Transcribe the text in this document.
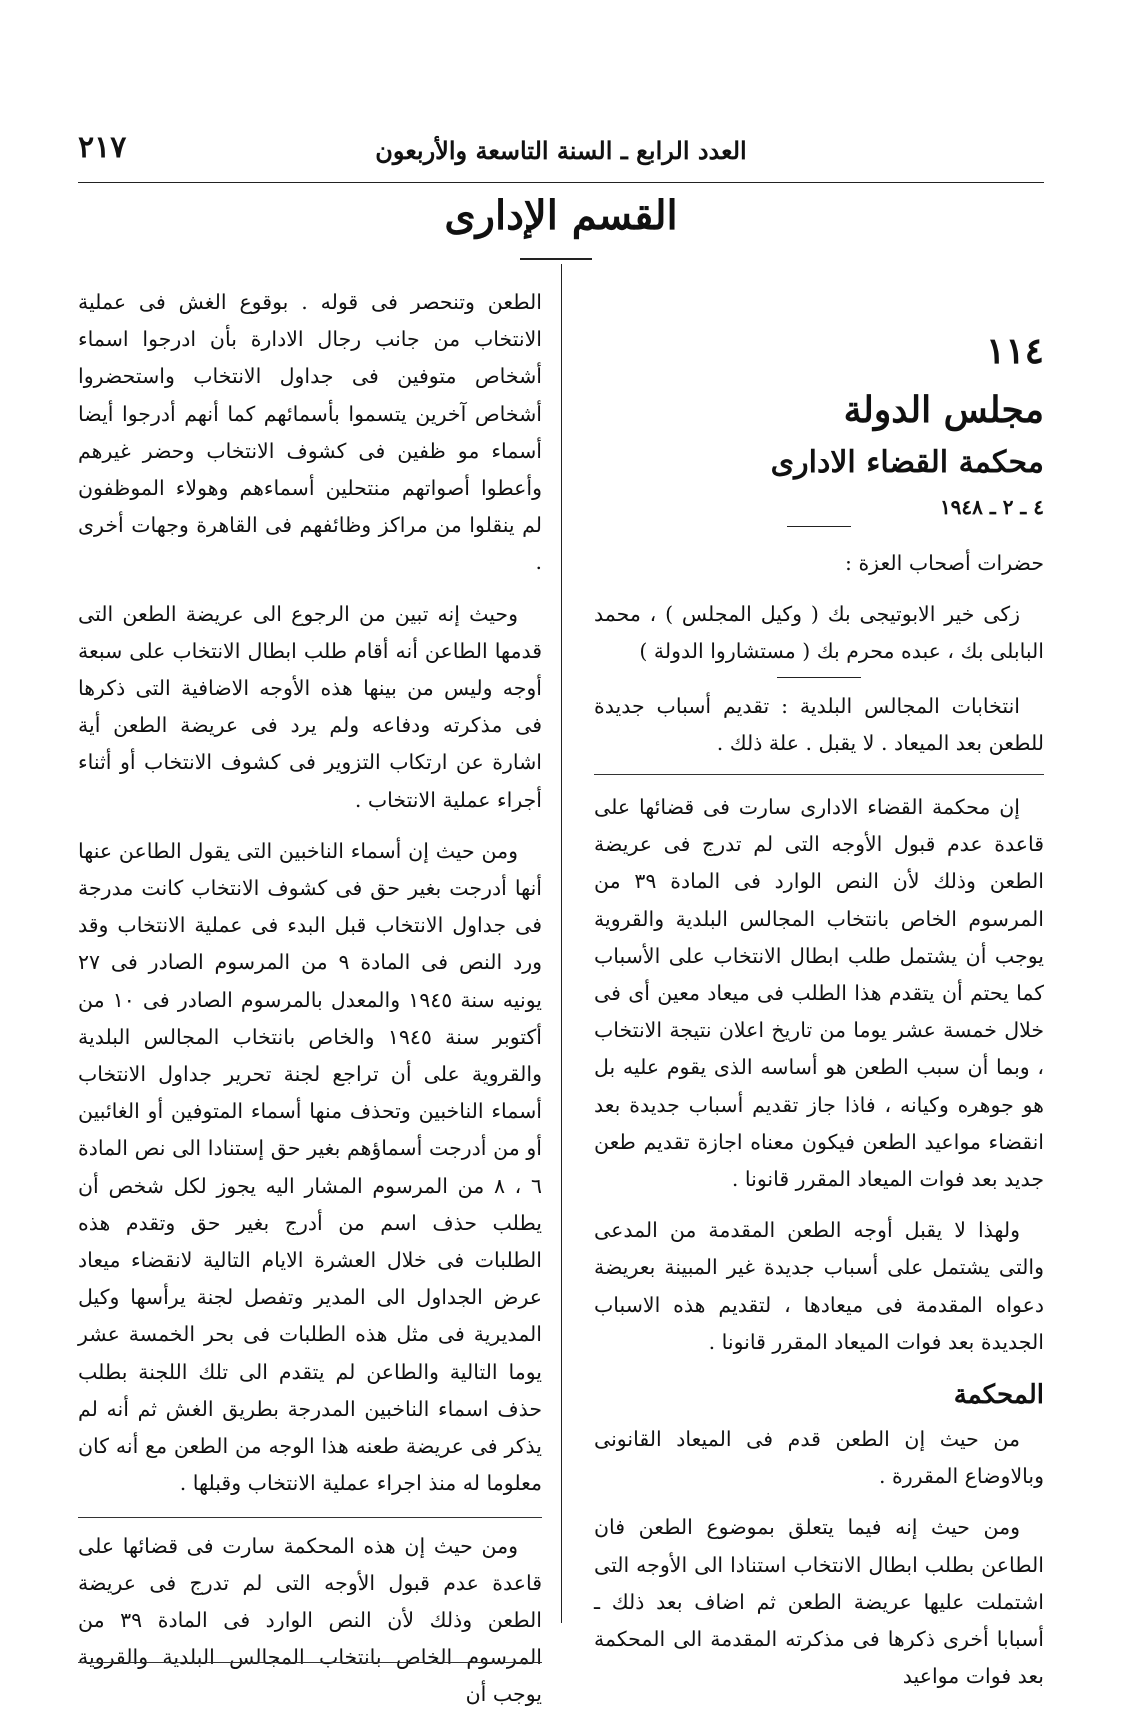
٢١٧	العدد الرابع ـ السنة التاسعة والأربعون
القسم الإدارى
١١٤
مجلس الدولة
محكمة القضاء الادارى
٤ ـ ٢ ـ ١٩٤٨

حضرات أصحاب العزة :

زكى خير الابوتيجى بك ( وكيل المجلس ) ، محمد البابلى بك ، عبده محرم بك ( مستشاروا الدولة )

انتخابات المجالس البلدية : تقديم أسباب جديدة للطعن بعد الميعاد . لا يقبل . علة ذلك .

إن محكمة القضاء الادارى سارت فى قضائها على قاعدة عدم قبول الأوجه التى لم تدرج فى عريضة الطعن وذلك لأن النص الوارد فى المادة ٣٩ من المرسوم الخاص بانتخاب المجالس البلدية والقروية يوجب أن يشتمل طلب ابطال الانتخاب على الأسباب كما يحتم أن يتقدم هذا الطلب فى ميعاد معين أى فى خلال خمسة عشر يوما من تاريخ اعلان نتيجة الانتخاب ، وبما أن سبب الطعن هو أساسه الذى يقوم عليه بل هو جوهره وكيانه ، فاذا جاز تقديم أسباب جديدة بعد انقضاء مواعيد الطعن فيكون معناه اجازة تقديم طعن جديد بعد فوات الميعاد المقرر قانونا .

ولهذا لا يقبل أوجه الطعن المقدمة من المدعى والتى يشتمل على أسباب جديدة غير المبينة بعريضة دعواه المقدمة فى ميعادها ، لتقديم هذه الاسباب الجديدة بعد فوات الميعاد المقرر قانونا .

المحكمة

من حيث إن الطعن قدم فى الميعاد القانونى وبالاوضاع المقررة .

ومن حيث إنه فيما يتعلق بموضوع الطعن فان الطاعن بطلب ابطال الانتخاب استنادا الى الأوجه التى اشتملت عليها عريضة الطعن ثم اضاف بعد ذلك ـ أسبابا أخرى ذكرها فى مذكرته المقدمة الى المحكمة بعد فوات مواعيد

الطعن وتنحصر فى قوله . بوقوع الغش فى عملية الانتخاب من جانب رجال الادارة بأن ادرجوا اسماء أشخاص متوفين فى جداول الانتخاب واستحضروا أشخاص آخرين يتسموا بأسمائهم كما أنهم أدرجوا أيضا أسماء مو ظفين فى كشوف الانتخاب وحضر غيرهم وأعطوا أصواتهم منتحلين أسماءهم وهولاء الموظفون لم ينقلوا من مراكز وظائفهم فى القاهرة وجهات أخرى .

وحيث إنه تبين من الرجوع الى عريضة الطعن التى قدمها الطاعن أنه أقام طلب ابطال الانتخاب على سبعة أوجه وليس من بينها هذه الأوجه الاضافية التى ذكرها فى مذكرته ودفاعه ولم يرد فى عريضة الطعن أية اشارة عن ارتكاب التزوير فى كشوف الانتخاب أو أثناء أجراء عملية الانتخاب .

ومن حيث إن أسماء الناخبين التى يقول الطاعن عنها أنها أدرجت بغير حق فى كشوف الانتخاب كانت مدرجة فى جداول الانتخاب قبل البدء فى عملية الانتخاب وقد ورد النص فى المادة ٩ من المرسوم الصادر فى ٢٧ يونيه سنة ١٩٤٥ والمعدل بالمرسوم الصادر فى ١٠ من أكتوبر سنة ١٩٤٥ والخاص بانتخاب المجالس البلدية والقروية على أن تراجع لجنة تحرير جداول الانتخاب أسماء الناخبين وتحذف منها أسماء المتوفين أو الغائبين أو من أدرجت أسماؤهم بغير حق إستنادا الى نص المادة ٦ ، ٨ من المرسوم المشار اليه يجوز لكل شخص أن يطلب حذف اسم من أدرج بغير حق وتقدم هذه الطلبات فى خلال العشرة الايام التالية لانقضاء ميعاد عرض الجداول الى المدير وتفصل لجنة يرأسها وكيل المديرية فى مثل هذه الطلبات فى بحر الخمسة عشر يوما التالية والطاعن لم يتقدم الى تلك اللجنة بطلب حذف اسماء الناخبين المدرجة بطريق الغش ثم أنه لم يذكر فى عريضة طعنه هذا الوجه من الطعن مع أنه كان معلوما له منذ اجراء عملية الانتخاب وقبلها .

ومن حيث إن هذه المحكمة سارت فى قضائها على قاعدة عدم قبول الأوجه التى لم تدرج فى عريضة الطعن وذلك لأن النص الوارد فى المادة ٣٩ من المرسوم الخاص بانتخاب المجالس البلدية والقروية يوجب أن
